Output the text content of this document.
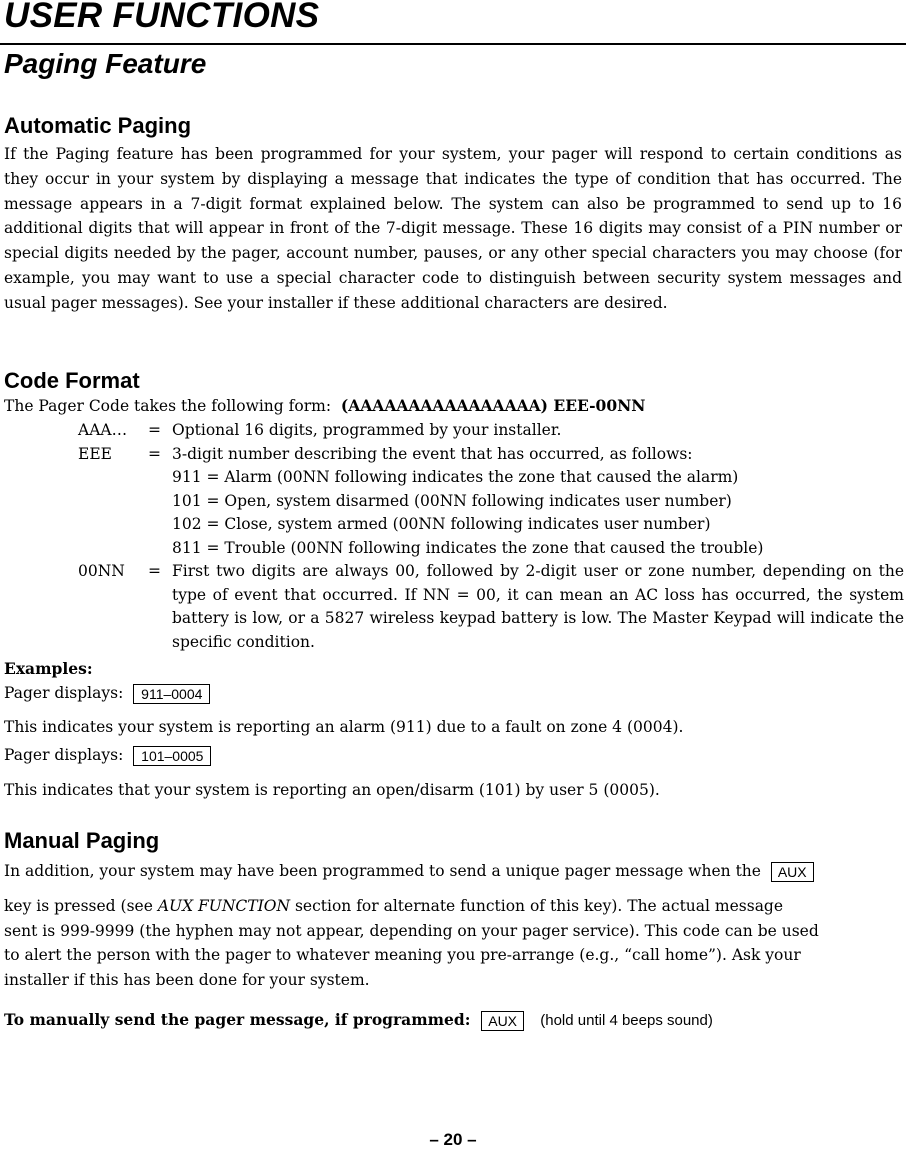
USER FUNCTIONS
Paging Feature
Automatic Paging

If the Paging feature has been programmed for your system, your pager will respond to certain conditions as they occur in your system by displaying a message that indicates the type of condition that has occurred. The message appears in a 7-digit format explained below. The system can also be programmed to send up to 16 additional digits that will appear in front of the 7-digit message. These 16 digits may consist of a PIN number or special digits needed by the pager, account number, pauses, or any other special characters you may choose (for example, you may want to use a special character code to distinguish between security system messages and usual pager messages). See your installer if these additional characters are desired.

Code Format

The Pager Code takes the following form: (AAAAAAAAAAAAAAAA) EEE-00NN

AAA…	= Optional 16 digits, programmed by your installer.
EEE	= 3-digit number describing the event that has occurred, as follows:
911 = Alarm (00NN following indicates the zone that caused the alarm)
101 = Open, system disarmed (00NN following indicates user number)
102 = Close, system armed (00NN following indicates user number)
811 = Trouble (00NN following indicates the zone that caused the trouble)
00NN	= First two digits are always 00, followed by 2-digit user or zone number, depending on the type of event that occurred. If NN = 00, it can mean an AC loss has occurred, the system battery is low, or a 5827 wireless keypad battery is low. The Master Keypad will indicate the specific condition.

Examples:

Pager displays: 911–0004

This indicates your system is reporting an alarm (911) due to a fault on zone 4 (0004).

Pager displays: 101–0005

This indicates that your system is reporting an open/disarm (101) by user 5 (0005).

Manual Paging

In addition, your system may have been programmed to send a unique pager message when the AUX

key is pressed (see AUX FUNCTION section for alternate function of this key). The actual message
sent is 999-9999 (the hyphen may not appear, depending on your pager service). This code can be used
to alert the person with the pager to whatever meaning you pre-arrange (e.g., “call home”). Ask your
installer if this has been done for your system.

To manually send the pager message, if programmed: AUX (hold until 4 beeps sound)

– 20 –
